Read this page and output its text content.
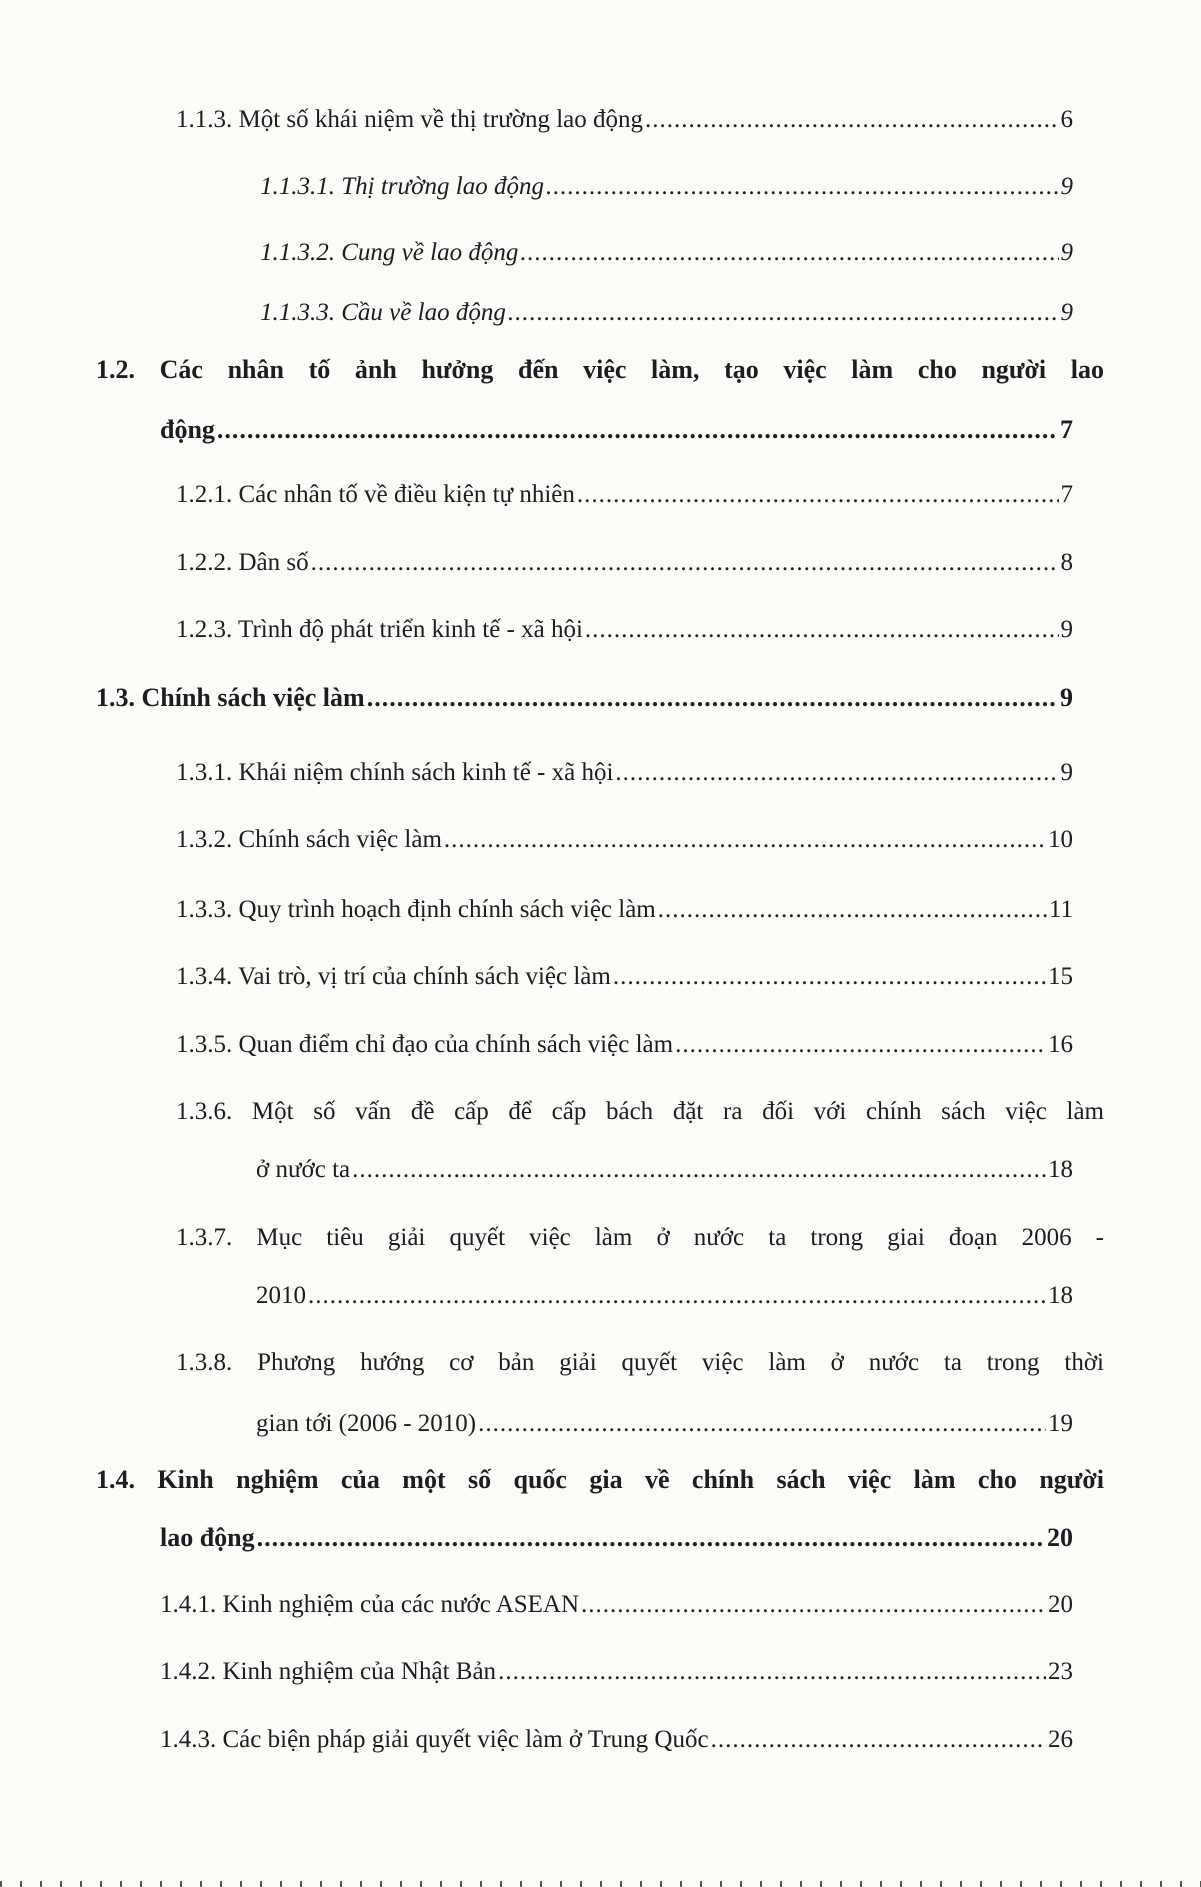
1.1.3. Một số khái niệm về thị trường lao động .....	6
1.1.3.1. Thị trường lao động .....	9
1.1.3.2. Cung về lao động .....	9
1.1.3.3. Cầu về lao động .....	9
1.2. Các nhân tố ảnh hưởng đến việc làm, tạo việc làm cho người lao
động .....	7
1.2.1. Các nhân tố về điều kiện tự nhiên .....	7
1.2.2. Dân số .....	8
1.2.3. Trình độ phát triển kinh tế - xã hội .....	9
1.3. Chính sách việc làm .....	9
1.3.1. Khái niệm chính sách kinh tế - xã hội .....	9
1.3.2. Chính sách việc làm .....	10
1.3.3. Quy trình hoạch định chính sách việc làm .....	11
1.3.4. Vai trò, vị trí của chính sách việc làm .....	15
1.3.5. Quan điểm chỉ đạo của chính sách việc làm .....	16
1.3.6. Một số vấn đề cấp để cấp bách đặt ra đối với chính sách việc làm
ở nước ta .....	18
1.3.7. Mục tiêu giải quyết việc làm ở nước ta trong giai đoạn 2006 -
2010 .....	18
1.3.8. Phương hướng cơ bản giải quyết việc làm ở nước ta trong thời
gian tới (2006 - 2010) .....	19
1.4. Kinh nghiệm của một số quốc gia về chính sách việc làm cho người
lao động .....	20
1.4.1. Kinh nghiệm của các nước ASEAN .....	20
1.4.2. Kinh nghiệm của Nhật Bản .....	23
1.4.3. Các biện pháp giải quyết việc làm ở Trung Quốc .....	26
